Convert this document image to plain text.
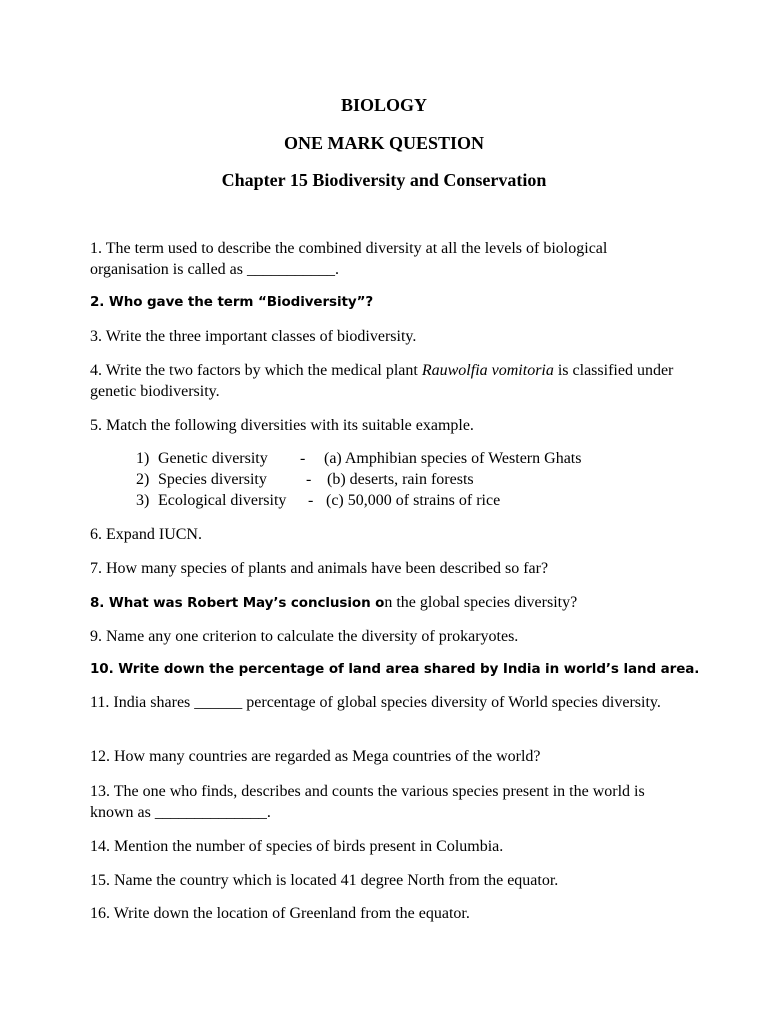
BIOLOGY
ONE MARK QUESTION
Chapter 15 Biodiversity and Conservation
1. The term used to describe the combined diversity at all the levels of biological organisation is called as ___________.
2. Who gave the term “Biodiversity”?
3. Write the three important classes of biodiversity.
4. Write the two factors by which the medical plant Rauwolfia vomitoria is classified under genetic biodiversity.
5. Match the following diversities with its suitable example.
1) Genetic diversity - (a) Amphibian species of Western Ghats
2) Species diversity - (b) deserts, rain forests
3) Ecological diversity - (c) 50,000 of strains of rice
6. Expand IUCN.
7. How many species of plants and animals have been described so far?
8. What was Robert May’s conclusion on the global species diversity?
9. Name any one criterion to calculate the diversity of prokaryotes.
10. Write down the percentage of land area shared by India in world’s land area.
11. India shares ______ percentage of global species diversity of World species diversity.
12. How many countries are regarded as Mega countries of the world?
13. The one who finds, describes and counts the various species present in the world is known as ______________.
14. Mention the number of species of birds present in Columbia.
15. Name the country which is located 41 degree North from the equator.
16. Write down the location of Greenland from the equator.
